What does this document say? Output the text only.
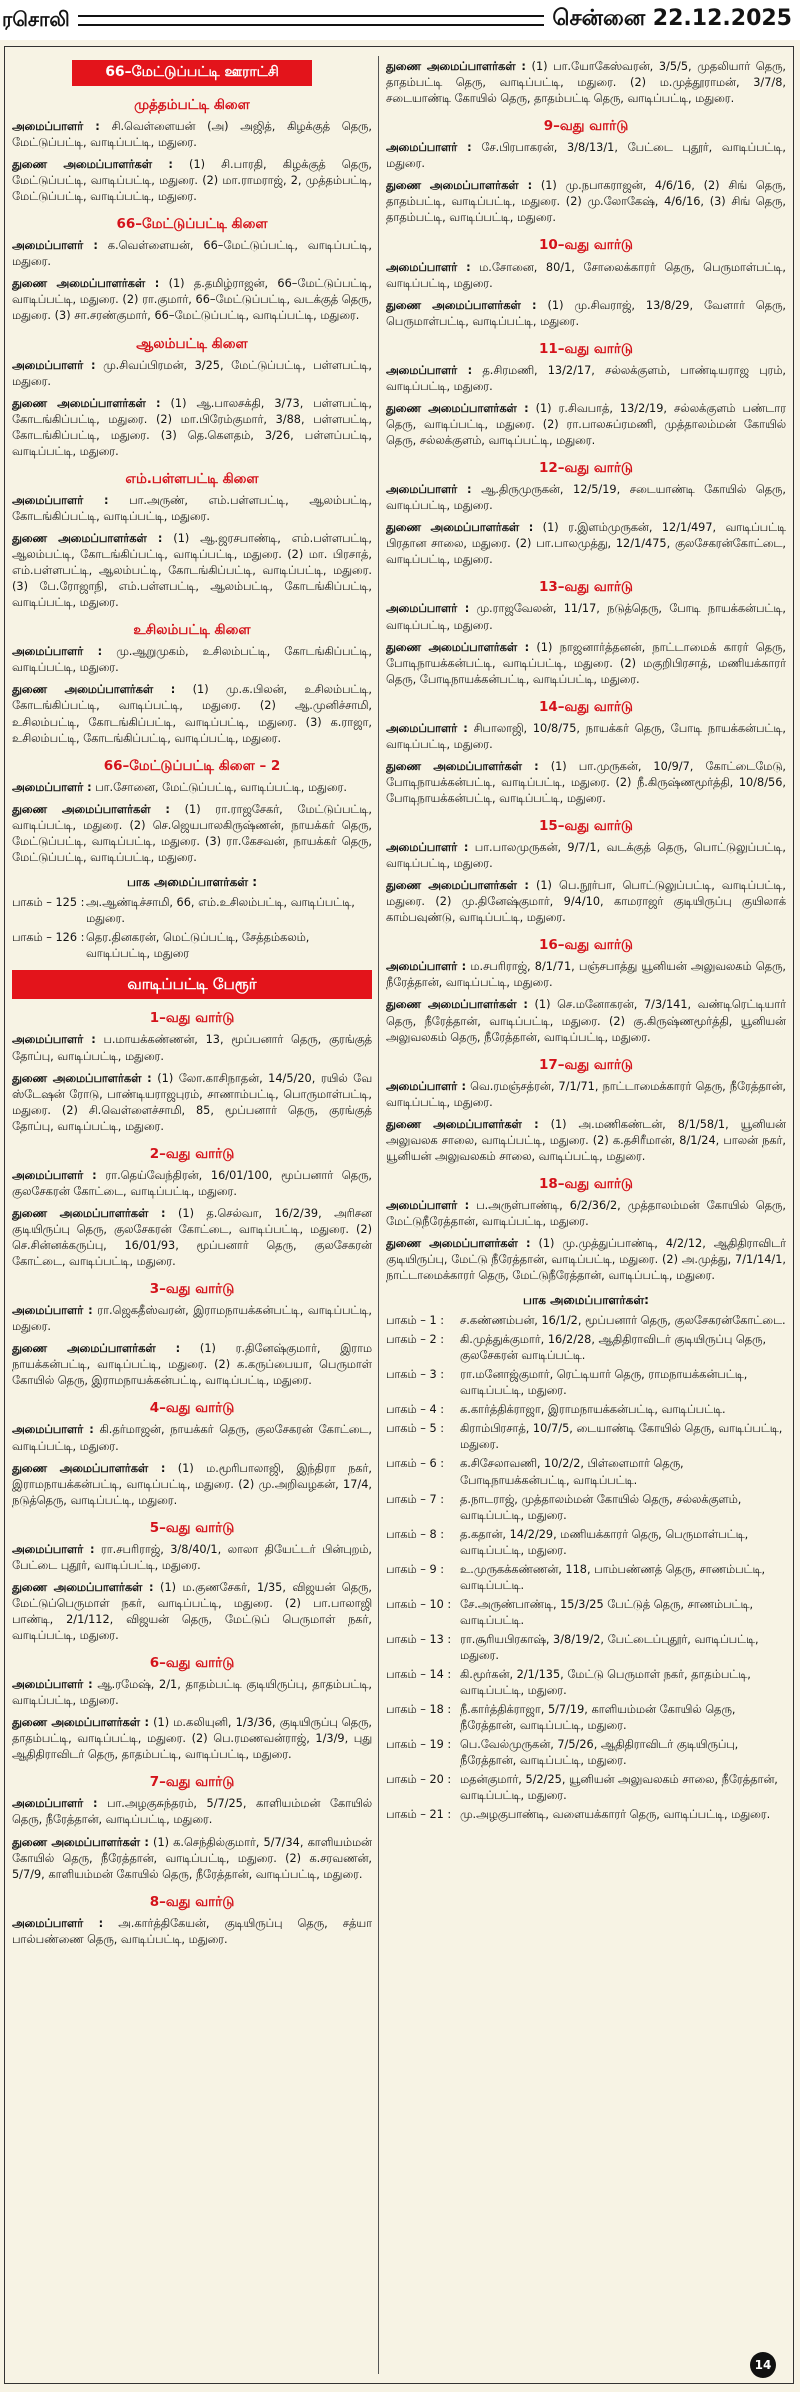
ரசொலி	சென்னை 22.12.2025
66–மேட்டுப்பட்டி ஊராட்சி
முத்தம்பட்டி கிளை
அமைப்பாளர் : சி.வெள்ளையன் (அ) அஜித், கிழக்குத் தெரு, மேட்டுப்பட்டி, வாடிப்பட்டி, மதுரை.
துணை அமைப்பாளர்கள் : (1) சி.பாரதி, கிழக்குத் தெரு, மேட்டுப்பட்டி, வாடிப்பட்டி, மதுரை. (2) மா.ராமராஜ், 2, முத்தம்பட்டி, மேட்டுப்பட்டி, வாடிப்பட்டி, மதுரை.
66–மேட்டுப்பட்டி கிளை
அமைப்பாளர் : க.வெள்ளையன், 66–மேட்டுப்பட்டி, வாடிப்பட்டி, மதுரை.
துணை அமைப்பாளர்கள் : (1) த.தமிழ்ராஜன், 66–மேட்டுப்பட்டி, வாடிப்பட்டி, மதுரை. (2) ரா.குமார், 66–மேட்டுப்பட்டி, வடக்குத் தெரு, மதுரை. (3) சா.சரண்குமார், 66–மேட்டுப்பட்டி, வாடிப்பட்டி, மதுரை.
ஆலம்பட்டி கிளை
அமைப்பாளர் : மு.சிவப்பிரமன், 3/25, மேட்டுப்பட்டி, பள்ளபட்டி, மதுரை.
துணை அமைப்பாளர்கள் : (1) ஆ.பாலசக்தி, 3/73, பள்ளபட்டி, கோடங்கிப்பட்டி, மதுரை. (2) மா.பிரேம்குமார், 3/88, பள்ளபட்டி, கோடங்கிப்பட்டி, மதுரை. (3) தெ.கௌதம், 3/26, பள்ளப்பட்டி, வாடிப்பட்டி, மதுரை.
எம்.பள்ளபட்டி கிளை
அமைப்பாளர் : பா.அருண், எம்.பள்ளபட்டி, ஆலம்பட்டி, கோடங்கிப்பட்டி, வாடிப்பட்டி, மதுரை.
துணை அமைப்பாளர்கள் : (1) ஆ.ஜரசபாண்டி, எம்.பள்ளபட்டி, ஆலம்பட்டி, கோடங்கிப்பட்டி, வாடிப்பட்டி, மதுரை. (2) மா. பிரசாத், எம்.பள்ளபட்டி, ஆலம்பட்டி, கோடங்கிப்பட்டி, வாடிப்பட்டி, மதுரை. (3) பே.ரோஜாநி, எம்.பள்ளபட்டி, ஆலம்பட்டி, கோடங்கிப்பட்டி, வாடிப்பட்டி, மதுரை.
உசிலம்பட்டி கிளை
அமைப்பாளர் : மு.ஆறுமுகம், உசிலம்பட்டி, கோடங்கிப்பட்டி, வாடிப்பட்டி, மதுரை.
துணை அமைப்பாளர்கள் : (1) மு.க.பிலன், உசிலம்பட்டி, கோடங்கிப்பட்டி, வாடிப்பட்டி, மதுரை. (2) ஆ.முனிச்சாமி, உசிலம்பட்டி, கோடங்கிப்பட்டி, வாடிப்பட்டி, மதுரை. (3) க.ராஜா, உசிலம்பட்டி, கோடங்கிப்பட்டி, வாடிப்பட்டி, மதுரை.
66–மேட்டுப்பட்டி கிளை – 2
அமைப்பாளர் : பா.சோனை, மேட்டுப்பட்டி, வாடிப்பட்டி, மதுரை.
துணை அமைப்பாளர்கள் : (1) ரா.ராஜசேகர், மேட்டுப்பட்டி, வாடிப்பட்டி, மதுரை. (2) செ.ஜெயபாலகிருஷ்ணன், நாயக்கர் தெரு, மேட்டுப்பட்டி, வாடிப்பட்டி, மதுரை. (3) ரா.கேசவன், நாயக்கர் தெரு, மேட்டுப்பட்டி, வாடிப்பட்டி, மதுரை.
பாக அமைப்பாளர்கள் :
பாகம் – 125 : அ.ஆண்டிச்சாமி, 66, எம்.உசிலம்பட்டி, வாடிப்பட்டி, மதுரை.
பாகம் – 126 : தெர.தினகரன், மெட்டுப்பட்டி, சேத்தம்கலம், வாடிப்பட்டி, மதுரை
வாடிப்பட்டி பேரூர்
1–வது வார்டு
அமைப்பாளர் : ப.மாயக்கண்ணன், 13, மூப்பனார் தெரு, குரங்குத் தோப்பு, வாடிப்பட்டி, மதுரை.
துணை அமைப்பாளர்கள் : (1) லோ.காசிநாதன், 14/5/20, ரயில் வே ஸ்டேஷன் ரோடு, பாண்டியராஜபுரம், சாணாம்பட்டி, பொருமாள்பட்டி, மதுரை. (2) சி.வெள்ளைச்சாமி, 85, மூப்பனார் தெரு, குரங்குத் தோப்பு, வாடிப்பட்டி, மதுரை.
2–வது வார்டு
அமைப்பாளர் : ரா.தெய்வேந்திரன், 16/01/100, மூப்பனார் தெரு, குலசேகரன் கோட்டை, வாடிப்பட்டி, மதுரை.
துணை அமைப்பாளர்கள் : (1) த.செல்வா, 16/2/39, அரிசன குடியிருப்பு தெரு, குலசேகரன் கோட்டை, வாடிப்பட்டி, மதுரை. (2) செ.சின்னக்கருப்பு, 16/01/93, மூப்பனார் தெரு, குலசேகரன் கோட்டை, வாடிப்பட்டி, மதுரை.
3–வது வார்டு
அமைப்பாளர் : ரா.ஜெகதீஸ்வரன், இராமநாயக்கன்பட்டி, வாடிப்பட்டி, மதுரை.
துணை அமைப்பாளர்கள் : (1) ர.தினேஷ்குமார், இராம நாயக்கன்பட்டி, வாடிப்பட்டி, மதுரை. (2) க.கருப்பையா, பெருமாள் கோயில் தெரு, இராமநாயக்கன்பட்டி, வாடிப்பட்டி, மதுரை.
4–வது வார்டு
அமைப்பாளர் : கி.தர்மாஜன், நாயக்கர் தெரு, குலசேகரன் கோட்டை, வாடிப்பட்டி, மதுரை.
துணை அமைப்பாளர்கள் : (1) ம.மூரிபாலாஜி, இந்திரா நகர், இராமநாயக்கன்பட்டி, வாடிப்பட்டி, மதுரை. (2) மு.அறிவழகன், 17/4, நடுத்தெரு, வாடிப்பட்டி, மதுரை.
5–வது வார்டு
அமைப்பாளர் : ரா.சபரிராஜ், 3/8/40/1, லாலா தியேட்டர் பின்புறம், பேட்டை புதூர், வாடிப்பட்டி, மதுரை.
துணை அமைப்பாளர்கள் : (1) ம.குணசேகர், 1/35, விஜயன் தெரு, மேட்டுப்பெருமாள் நகர், வாடிப்பட்டி, மதுரை. (2) பா.பாலாஜி பாண்டி, 2/1/112, விஜயன் தெரு, மேட்டுப் பெருமாள் நகர், வாடிப்பட்டி, மதுரை.
6–வது வார்டு
அமைப்பாளர் : ஆ.ரமேஷ், 2/1, தாதம்பட்டி குடியிருப்பு, தாதம்பட்டி, வாடிப்பட்டி, மதுரை.
துணை அமைப்பாளர்கள் : (1) ம.கலியுனி, 1/3/36, குடியிருப்பு தெரு, தாதம்பட்டி, வாடிப்பட்டி, மதுரை. (2) பெ.ரமணவன்ராஜ், 1/3/9, புது ஆதிதிராவிடர் தெரு, தாதம்பட்டி, வாடிப்பட்டி, மதுரை.
7–வது வார்டு
அமைப்பாளர் : பா.அழகுசுந்தரம், 5/7/25, காளியம்மன் கோயில் தெரு, நீரேத்தான், வாடிப்பட்டி, மதுரை.
துணை அமைப்பாளர்கள் : (1) க.செந்தில்குமார், 5/7/34, காளியம்மன் கோயில் தெரு, நீரேத்தான், வாடிப்பட்டி, மதுரை. (2) க.சரவணன், 5/7/9, காளியம்மன் கோயில் தெரு, நீரேத்தான், வாடிப்பட்டி, மதுரை.
8–வது வார்டு
அமைப்பாளர் : அ.கார்த்திகேயன், குடியிருப்பு தெரு, சத்யா பால்பண்ணை தெரு, வாடிப்பட்டி, மதுரை.
துணை அமைப்பாளர்கள் : (1) பா.யோகேஸ்வரன், 3/5/5, முதலியார் தெரு, தாதம்பட்டி தெரு, வாடிப்பட்டி, மதுரை. (2) ம.முத்தூராமன், 3/7/8, சடையாண்டி கோயில் தெரு, தாதம்பட்டி தெரு, வாடிப்பட்டி, மதுரை.
9–வது வார்டு
அமைப்பாளர் : சே.பிரபாகரன், 3/8/13/1, பேட்டை புதூர், வாடிப்பட்டி, மதுரை.
துணை அமைப்பாளர்கள் : (1) மு.நபாகராஜன், 4/6/16, (2) சிங் தெரு, தாதம்பட்டி, வாடிப்பட்டி, மதுரை. (2) மு.லோகேஷ், 4/6/16, (3) சிங் தெரு, தாதம்பட்டி, வாடிப்பட்டி, மதுரை.
10–வது வார்டு
அமைப்பாளர் : ம.சோனை, 80/1, சோலைக்காரர் தெரு, பெருமாள்பட்டி, வாடிப்பட்டி, மதுரை.
துணை அமைப்பாளர்கள் : (1) மு.சிவராஜ், 13/8/29, வேளார் தெரு, பெருமாள்பட்டி, வாடிப்பட்டி, மதுரை.
11–வது வார்டு
அமைப்பாளர் : த.சிரமணி, 13/2/17, சல்லக்குளம், பாண்டியராஜ புரம், வாடிப்பட்டி, மதுரை.
துணை அமைப்பாளர்கள் : (1) ர.சிவபாத், 13/2/19, சல்லக்குளம் பண்டார தெரு, வாடிப்பட்டி, மதுரை. (2) ரா.பாலசுப்ரமணி, முத்தாலம்மன் கோயில் தெரு, சல்லக்குளம், வாடிப்பட்டி, மதுரை.
12–வது வார்டு
அமைப்பாளர் : ஆ.திருமுருகன், 12/5/19, சடையாண்டி கோயில் தெரு, வாடிப்பட்டி, மதுரை.
துணை அமைப்பாளர்கள் : (1) ர.இளம்முருகன், 12/1/497, வாடிப்பட்டி பிரதான சாலை, மதுரை. (2) பா.பாலமுத்து, 12/1/475, குலசேகரன்கோட்டை, வாடிப்பட்டி, மதுரை.
13–வது வார்டு
அமைப்பாளர் : மு.ராஜவேலன், 11/17, நடுத்தெரு, போடி நாயக்கன்பட்டி, வாடிப்பட்டி, மதுரை.
துணை அமைப்பாளர்கள் : (1) நாஜனார்த்தனன், நாட்டாமைக் காரர் தெரு, போடிநாயக்கன்பட்டி, வாடிப்பட்டி, மதுரை. (2) மகுறிபிரசாத், மணியக்காரர் தெரு, போடிநாயக்கன்பட்டி, வாடிப்பட்டி, மதுரை.
14–வது வார்டு
அமைப்பாளர் : சிபாலாஜி, 10/8/75, நாயக்கர் தெரு, போடி நாயக்கன்பட்டி, வாடிப்பட்டி, மதுரை.
துணை அமைப்பாளர்கள் : (1) பா.முருகன், 10/9/7, கோட்டைமேடு, போடிநாயக்கன்பட்டி, வாடிப்பட்டி, மதுரை. (2) நீ.கிருஷ்ணமூர்த்தி, 10/8/56, போடிநாயக்கன்பட்டி, வாடிப்பட்டி, மதுரை.
15–வது வார்டு
அமைப்பாளர் : பா.பாலமுருகன், 9/7/1, வடக்குத் தெரு, பொட்டுலுப்பட்டி, வாடிப்பட்டி, மதுரை.
துணை அமைப்பாளர்கள் : (1) பெ.நூர்பா, பொட்டுலுப்பட்டி, வாடிப்பட்டி, மதுரை. (2) மு.தினேஷ்குமார், 9/4/10, காமராஜர் குடியிருப்பு குயிலாக் காம்பவுண்டு, வாடிப்பட்டி, மதுரை.
16–வது வார்டு
அமைப்பாளர் : ம.சபரிராஜ், 8/1/71, பஞ்சபாத்து யூனியன் அலுவலகம் தெரு, நீரேத்தான், வாடிப்பட்டி, மதுரை.
துணை அமைப்பாளர்கள் : (1) செ.மனோகரன், 7/3/141, வண்டிரெட்டியார் தெரு, நீரேத்தான், வாடிப்பட்டி, மதுரை. (2) கு.கிருஷ்ணமூர்த்தி, யூனியன் அலுவலகம் தெரு, நீரேத்தான், வாடிப்பட்டி, மதுரை.
17–வது வார்டு
அமைப்பாளர் : வெ.ரமஞ்சத்ரன், 7/1/71, நாட்டாமைக்காரர் தெரு, நீரேத்தான், வாடிப்பட்டி, மதுரை.
துணை அமைப்பாளர்கள் : (1) அ.மணிகண்டன், 8/1/58/1, யூனியன் அலுவலக சாலை, வாடிப்பட்டி, மதுரை. (2) க.தசிரீமான், 8/1/24, பாலன் நகர், யூனியன் அலுவலகம் சாலை, வாடிப்பட்டி, மதுரை.
18–வது வார்டு
அமைப்பாளர் : ப.அருள்பாண்டி, 6/2/36/2, முத்தாலம்மன் கோயில் தெரு, மேட்டுநீரேத்தான், வாடிப்பட்டி, மதுரை.
துணை அமைப்பாளர்கள் : (1) மு.முத்துப்பாண்டி, 4/2/12, ஆதிதிராவிடர் குடியிருப்பு, மேட்டு நீரேத்தான், வாடிப்பட்டி, மதுரை. (2) அ.முத்து, 7/1/14/1, நாட்டாமைக்காரர் தெரு, மேட்டுநீரேத்தான், வாடிப்பட்டி, மதுரை.
பாக அமைப்பாளர்கள்:
பாகம் – 1 :	ச.கண்ணம்பன், 16/1/2, மூப்பனார் தெரு, குலசேகரன்கோட்டை.
பாகம் – 2 :	கி.முத்துக்குமார், 16/2/28, ஆதிதிராவிடர் குடியிருப்பு தெரு, குலசேகரன் வாடிப்பட்டி.
பாகம் – 3 :	ரா.மனோஜ்குமார், ரெட்டியார் தெரு, ராமநாயக்கன்பட்டி, வாடிப்பட்டி, மதுரை.
பாகம் – 4 :	க.கார்த்திக்ராஜா, இராமநாயக்கன்பட்டி, வாடிப்பட்டி.
பாகம் – 5 :	கிராம்பிரசாத், 10/7/5, டையாண்டி கோயில் தெரு, வாடிப்பட்டி, மதுரை.
பாகம் – 6 :	க.சிசேலாவணி, 10/2/2, பிள்ளைமார் தெரு, போடிநாயக்கன்பட்டி, வாடிப்பட்டி.
பாகம் – 7 :	த.நாடராஜ், முத்தாலம்மன் கோயில் தெரு, சல்லக்குளம், வாடிப்பட்டி, மதுரை.
பாகம் – 8 :	த.கதான், 14/2/29, மணியக்காரர் தெரு, பெருமாள்பட்டி, வாடிப்பட்டி, மதுரை.
பாகம் – 9 :	உ.முருகக்கண்ணன், 118, பாம்பண்ணத் தெரு, சாணம்பட்டி, வாடிப்பட்டி.
பாகம் – 10 : சே.அருண்பாண்டி, 15/3/25 பேட்டுத் தெரு, சாணம்பட்டி, வாடிப்பட்டி.
பாகம் – 13 : ரா.சூரியபிரகாஷ், 3/8/19/2, பேட்டைப்புதூர், வாடிப்பட்டி, மதுரை.
பாகம் – 14 : கி.மூர்கன், 2/1/135, மேட்டு பெருமாள் நகர், தாதம்பட்டி, வாடிப்பட்டி, மதுரை.
பாகம் – 18 : நீ.கார்த்திக்ராஜா, 5/7/19, காளியம்மன் கோயில் தெரு, நீரேத்தான், வாடிப்பட்டி, மதுரை.
பாகம் – 19 : பெ.வேல்முருகன், 7/5/26, ஆதிதிராவிடர் குடியிருப்பு, நீரேத்தான், வாடிப்பட்டி, மதுரை.
பாகம் – 20 : மதன்குமார், 5/2/25, யூனியன் அலுவலகம் சாலை, நீரேத்தான், வாடிப்பட்டி, மதுரை.
பாகம் – 21 : மு.அழகுபாண்டி, வளையக்காரர் தெரு, வாடிப்பட்டி, மதுரை.
14
